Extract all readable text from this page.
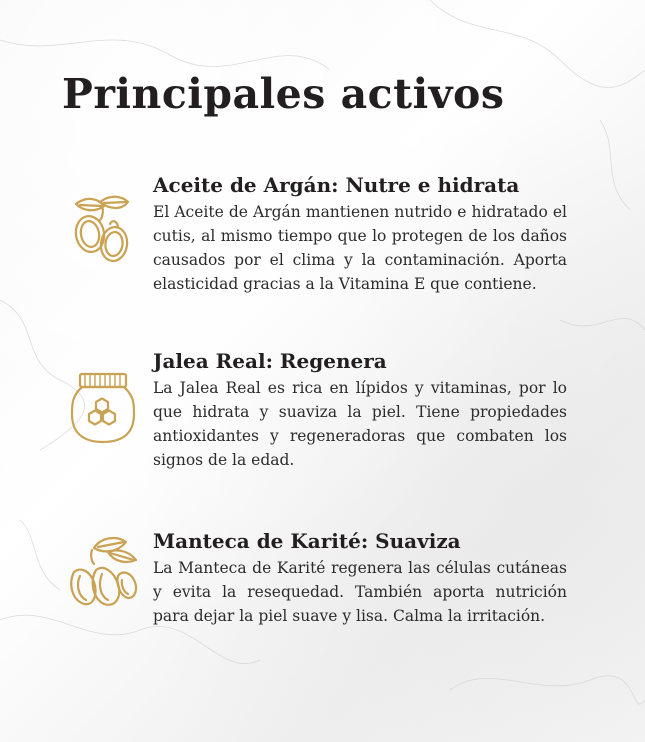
Principales activos
Aceite de Argán: Nutre e hidrata

El Aceite de Argán mantienen nutrido e hidratado el cutis, al mismo tiempo que lo protegen de los daños causados por el clima y la contaminación. Aporta elasticidad gracias a la Vitamina E que contiene.

Jalea Real: Regenera

La Jalea Real es rica en lípidos y vitaminas, por lo que hidrata y suaviza la piel. Tiene propiedades antioxidantes y regeneradoras que combaten los signos de la edad.

Manteca de Karité: Suaviza

La Manteca de Karité regenera las células cutáneas y evita la resequedad. También aporta nutrición para dejar la piel suave y lisa. Calma la irritación.
